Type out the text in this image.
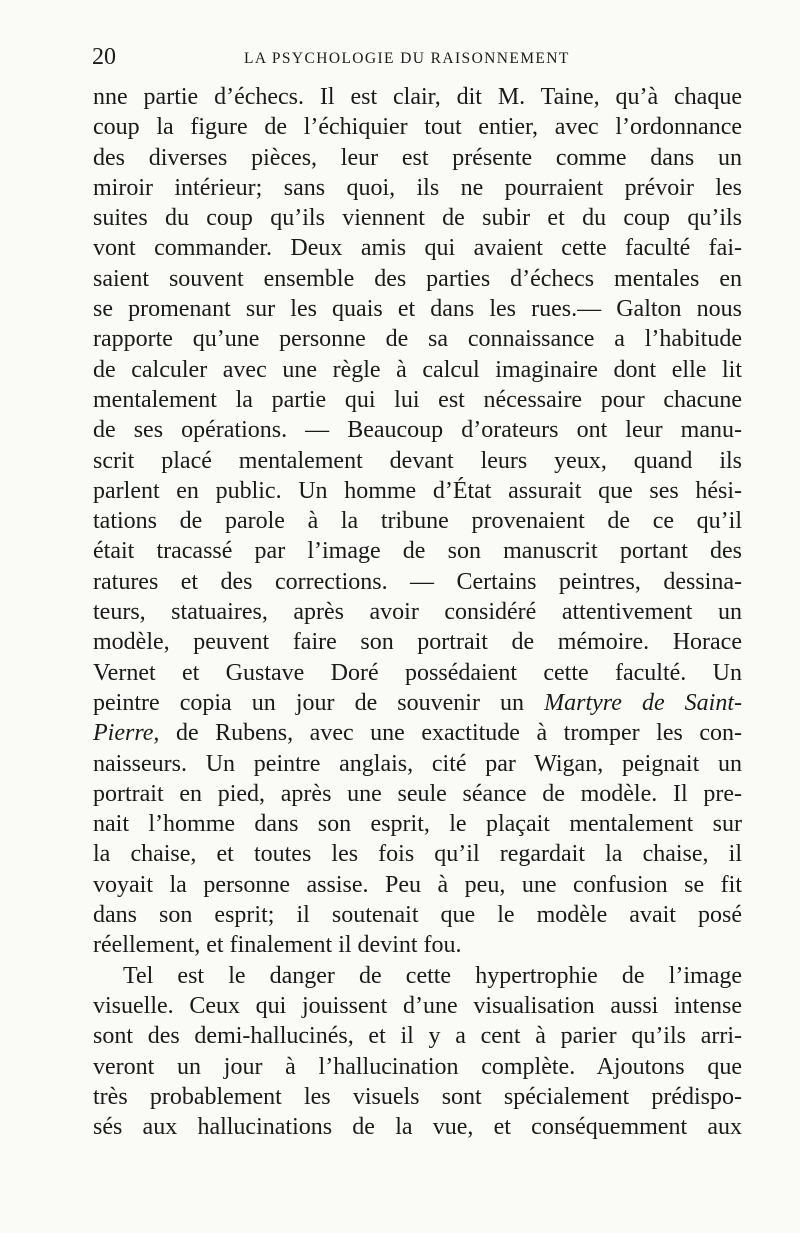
20	LA PSYCHOLOGIE DU RAISONNEMENT
nne partie d’échecs. Il est clair, dit M. Taine, qu’à chaque
coup la figure de l’échiquier tout entier, avec l’ordonnance
des diverses pièces, leur est présente comme dans un
miroir intérieur; sans quoi, ils ne pourraient prévoir les
suites du coup qu’ils viennent de subir et du coup qu’ils
vont commander. Deux amis qui avaient cette faculté fai-
saient souvent ensemble des parties d’échecs mentales en
se promenant sur les quais et dans les rues.— Galton nous
rapporte qu’une personne de sa connaissance a l’habitude
de calculer avec une règle à calcul imaginaire dont elle lit
mentalement la partie qui lui est nécessaire pour chacune
de ses opérations. — Beaucoup d’orateurs ont leur manu-
scrit placé mentalement devant leurs yeux, quand ils
parlent en public. Un homme d’État assurait que ses hési-
tations de parole à la tribune provenaient de ce qu’il
était tracassé par l’image de son manuscrit portant des
ratures et des corrections. — Certains peintres, dessina-
teurs, statuaires, après avoir considéré attentivement un
modèle, peuvent faire son portrait de mémoire. Horace
Vernet et Gustave Doré possédaient cette faculté. Un
peintre copia un jour de souvenir un Martyre de Saint-
Pierre, de Rubens, avec une exactitude à tromper les con-
naisseurs. Un peintre anglais, cité par Wigan, peignait un
portrait en pied, après une seule séance de modèle. Il pre-
nait l’homme dans son esprit, le plaçait mentalement sur
la chaise, et toutes les fois qu’il regardait la chaise, il
voyait la personne assise. Peu à peu, une confusion se fit
dans son esprit; il soutenait que le modèle avait posé
réellement, et finalement il devint fou.
Tel est le danger de cette hypertrophie de l’image
visuelle. Ceux qui jouissent d’une visualisation aussi intense
sont des demi-hallucinés, et il y a cent à parier qu’ils arri-
veront un jour à l’hallucination complète. Ajoutons que
très probablement les visuels sont spécialement prédispo-
sés aux hallucinations de la vue, et conséquemment aux
